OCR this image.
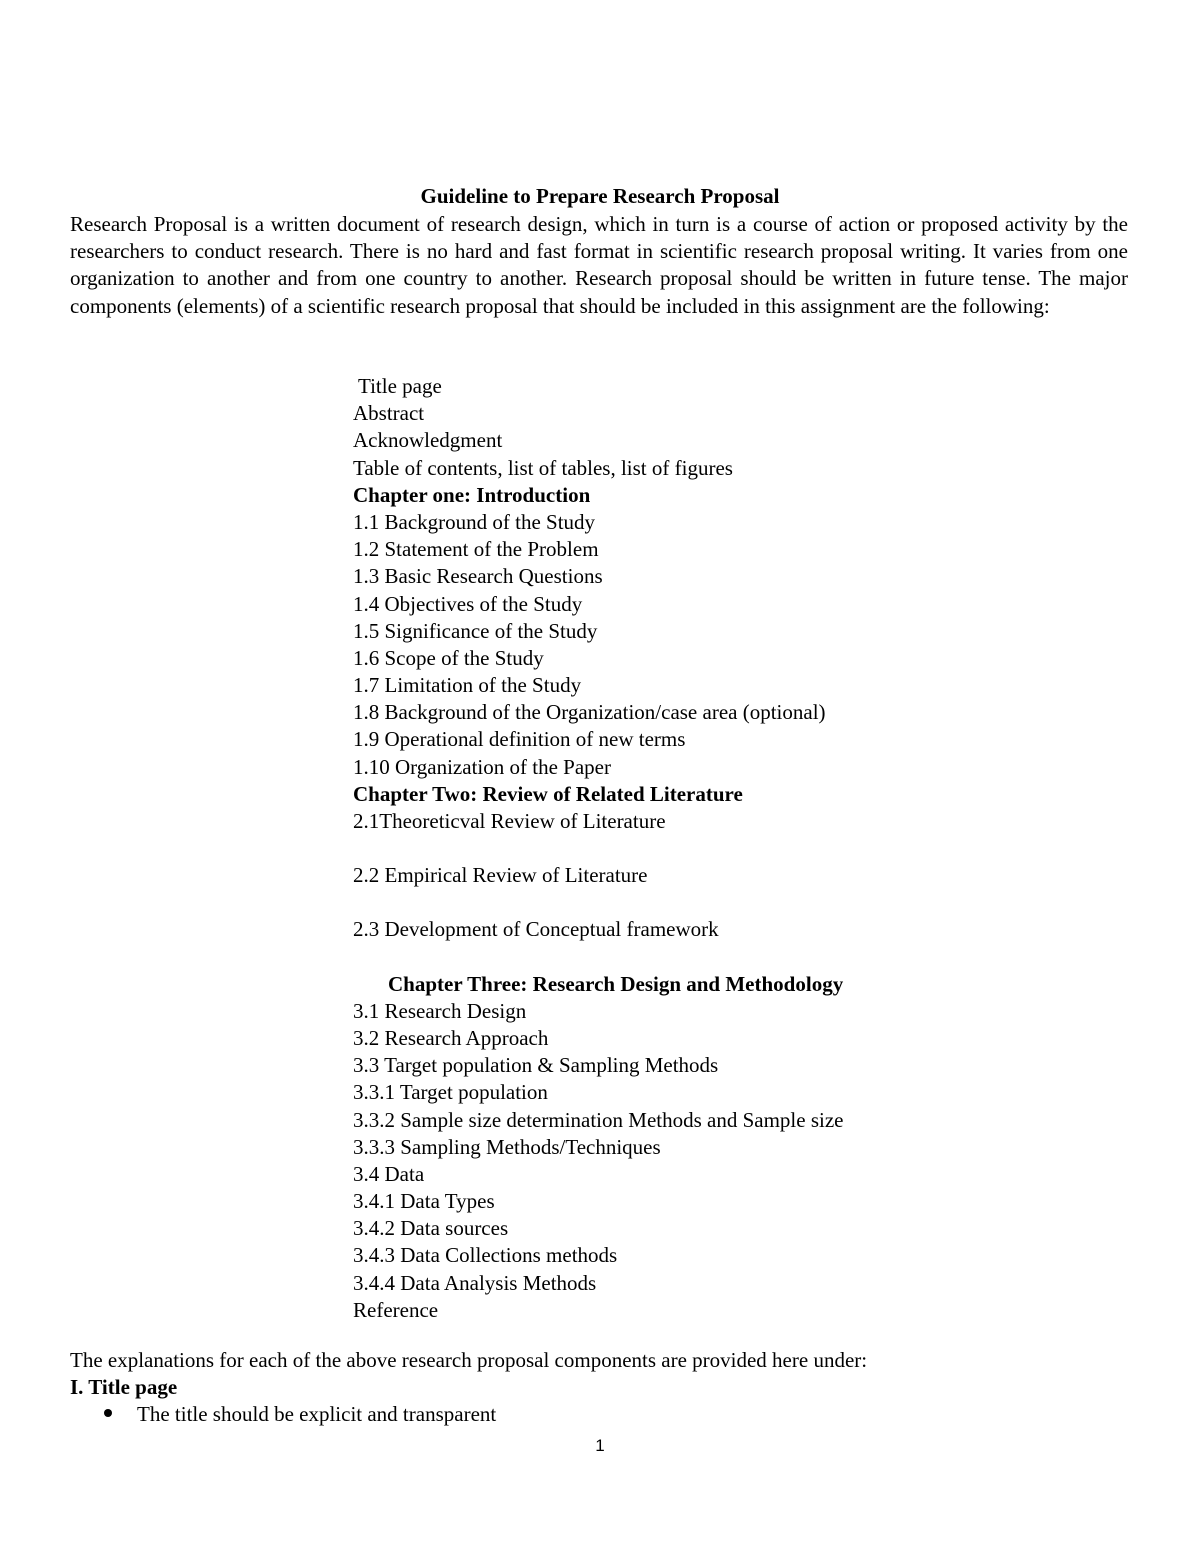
Guideline to Prepare Research Proposal

Research Proposal is a written document of research design, which in turn is a course of action or proposed activity by the researchers to conduct research. There is no hard and fast format in scientific research proposal writing. It varies from one organization to another and from one country to another. Research proposal should be written in future tense. The major components (elements) of a scientific research proposal that should be included in this assignment are the following:

Title page
Abstract
Acknowledgment
Table of contents, list of tables, list of figures
Chapter one: Introduction
1.1 Background of the Study
1.2 Statement of the Problem
1.3 Basic Research Questions
1.4 Objectives of the Study
1.5 Significance of the Study
1.6 Scope of the Study
1.7 Limitation of the Study
1.8 Background of the Organization/case area (optional)
1.9 Operational definition of new terms
1.10 Organization of the Paper
Chapter Two: Review of Related Literature
2.1Theoreticval Review of Literature
2.2 Empirical Review of Literature
2.3 Development of Conceptual framework
Chapter Three: Research Design and Methodology
3.1 Research Design
3.2 Research Approach
3.3 Target population & Sampling Methods
3.3.1 Target population
3.3.2 Sample size determination Methods and Sample size
3.3.3 Sampling Methods/Techniques
3.4 Data
3.4.1 Data Types
3.4.2 Data sources
3.4.3 Data Collections methods
3.4.4 Data Analysis Methods
Reference

The explanations for each of the above research proposal components are provided here under:

I. Title page

The title should be explicit and transparent
1
